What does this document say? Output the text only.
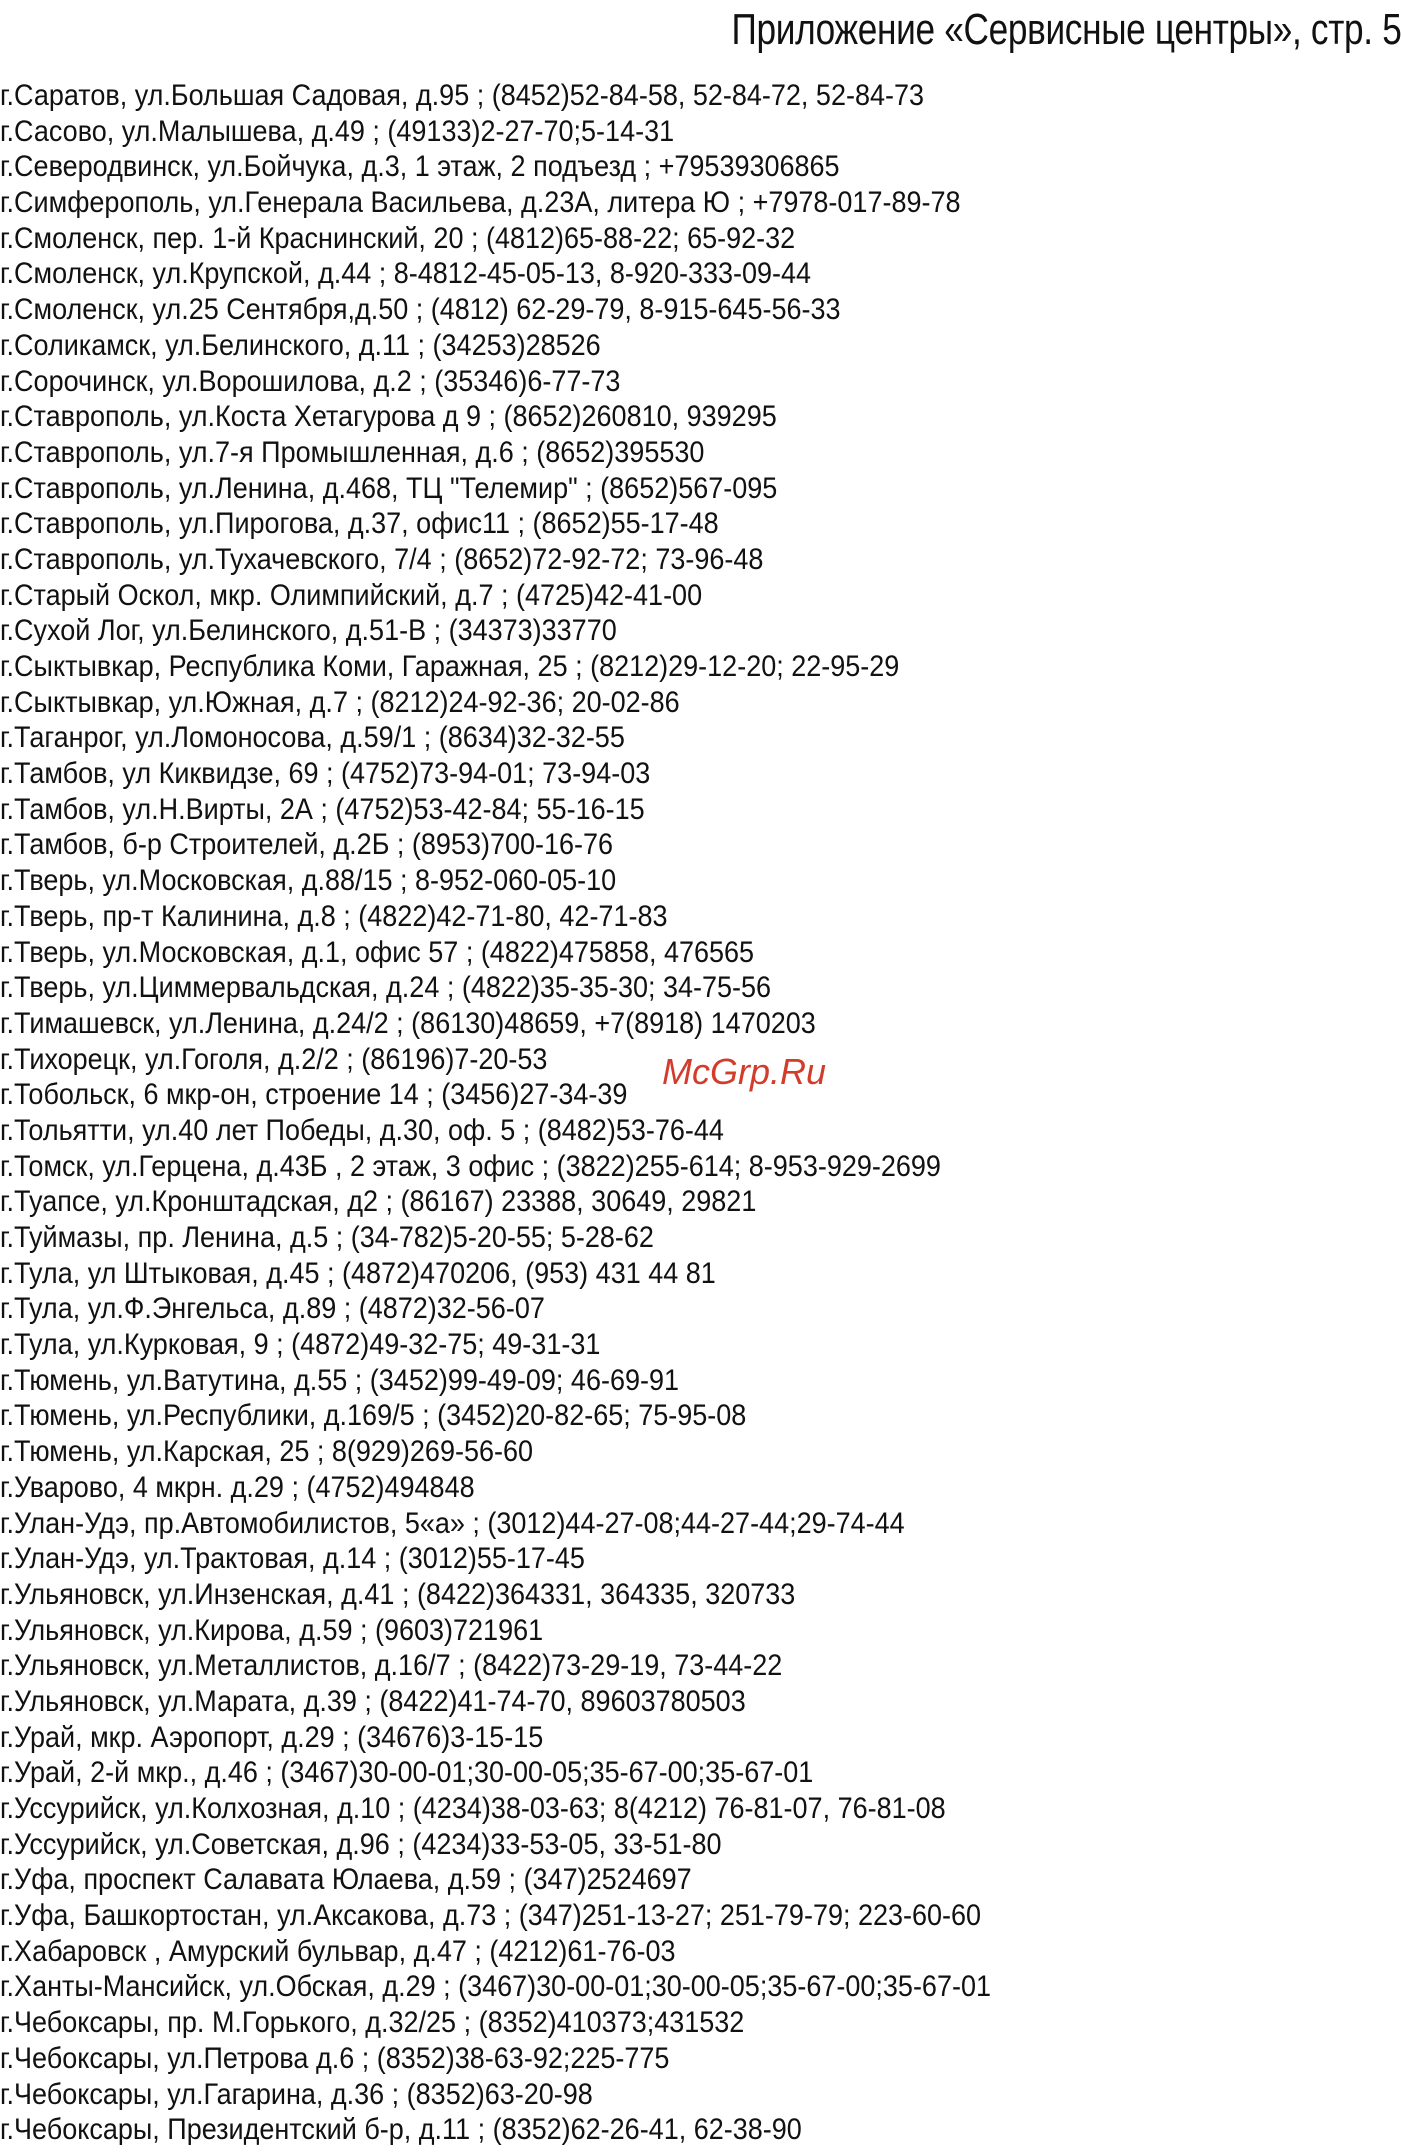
Приложение «Сервисные центры», стр. 5
г.Саратов, ул.Большая Садовая, д.95 ; (8452)52-84-58, 52-84-72, 52-84-73
г.Сасово, ул.Малышева, д.49 ; (49133)2-27-70;5-14-31
г.Северодвинск, ул.Бойчука, д.3, 1 этаж, 2 подъезд ; +79539306865
г.Симферополь, ул.Генерала Васильева, д.23А, литера Ю ; +7978-017-89-78
г.Смоленск, пер. 1-й Краснинский, 20 ; (4812)65-88-22; 65-92-32
г.Смоленск, ул.Крупской, д.44 ; 8-4812-45-05-13, 8-920-333-09-44
г.Смоленск, ул.25 Сентября,д.50 ; (4812) 62-29-79, 8-915-645-56-33
г.Соликамск, ул.Белинского, д.11 ; (34253)28526
г.Сорочинск, ул.Ворошилова, д.2 ; (35346)6-77-73
г.Ставрополь, ул.Коста Хетагурова д 9 ; (8652)260810, 939295
г.Ставрополь, ул.7-я Промышленная, д.6 ; (8652)395530
г.Ставрополь, ул.Ленина, д.468, ТЦ "Телемир" ; (8652)567-095
г.Ставрополь, ул.Пирогова, д.37, офис11 ; (8652)55-17-48
г.Ставрополь, ул.Тухачевского, 7/4 ; (8652)72-92-72; 73-96-48
г.Старый Оскол, мкр. Олимпийский, д.7 ; (4725)42-41-00
г.Сухой Лог, ул.Белинского, д.51-В ; (34373)33770
г.Сыктывкар, Республика Коми, Гаражная, 25 ; (8212)29-12-20; 22-95-29
г.Сыктывкар, ул.Южная, д.7 ; (8212)24-92-36; 20-02-86
г.Таганрог, ул.Ломоносова, д.59/1 ; (8634)32-32-55
г.Тамбов, ул Киквидзе, 69 ; (4752)73-94-01; 73-94-03
г.Тамбов, ул.Н.Вирты, 2А ; (4752)53-42-84; 55-16-15
г.Тамбов, б-р Строителей, д.2Б ; (8953)700-16-76
г.Тверь, ул.Московская, д.88/15 ; 8-952-060-05-10
г.Тверь, пр-т Калинина, д.8 ; (4822)42-71-80, 42-71-83
г.Тверь, ул.Московская, д.1, офис 57 ; (4822)475858, 476565
г.Тверь, ул.Циммервальдская, д.24 ; (4822)35-35-30; 34-75-56
г.Тимашевск, ул.Ленина, д.24/2 ; (86130)48659, +7(8918) 1470203
г.Тихорецк, ул.Гоголя, д.2/2 ; (86196)7-20-53
г.Тобольск, 6 мкр-он, строение 14 ; (3456)27-34-39
г.Тольятти, ул.40 лет Победы, д.30, оф. 5 ; (8482)53-76-44
г.Томск, ул.Герцена, д.43Б , 2 этаж, 3 офис ; (3822)255-614; 8-953-929-2699
г.Туапсе, ул.Кронштадская, д2 ; (86167) 23388, 30649, 29821
г.Туймазы, пр. Ленина, д.5 ; (34-782)5-20-55; 5-28-62
г.Тула, ул Штыковая, д.45 ; (4872)470206, (953) 431 44 81
г.Тула, ул.Ф.Энгельса, д.89 ; (4872)32-56-07
г.Тула, ул.Курковая, 9 ; (4872)49-32-75; 49-31-31
г.Тюмень, ул.Ватутина, д.55 ; (3452)99-49-09; 46-69-91
г.Тюмень, ул.Республики, д.169/5 ; (3452)20-82-65; 75-95-08
г.Тюмень, ул.Карская, 25 ; 8(929)269-56-60
г.Уварово, 4 мкрн. д.29 ; (4752)494848
г.Улан-Удэ, пр.Автомобилистов, 5«а» ; (3012)44-27-08;44-27-44;29-74-44
г.Улан-Удэ, ул.Трактовая, д.14 ; (3012)55-17-45
г.Ульяновск, ул.Инзенская, д.41 ; (8422)364331, 364335, 320733
г.Ульяновск, ул.Кирова, д.59 ; (9603)721961
г.Ульяновск, ул.Металлистов, д.16/7 ; (8422)73-29-19, 73-44-22
г.Ульяновск, ул.Марата, д.39 ; (8422)41-74-70, 89603780503
г.Урай, мкр. Аэропорт, д.29 ; (34676)3-15-15
г.Урай, 2-й мкр., д.46 ; (3467)30-00-01;30-00-05;35-67-00;35-67-01
г.Уссурийск, ул.Колхозная, д.10 ; (4234)38-03-63; 8(4212) 76-81-07, 76-81-08
г.Уссурийск, ул.Советская, д.96 ; (4234)33-53-05, 33-51-80
г.Уфа, проспект Салавата Юлаева, д.59 ; (347)2524697
г.Уфа, Башкортостан, ул.Аксакова, д.73 ; (347)251-13-27; 251-79-79; 223-60-60
г.Хабаровск , Амурский бульвар, д.47 ; (4212)61-76-03
г.Ханты-Мансийск, ул.Обская, д.29 ; (3467)30-00-01;30-00-05;35-67-00;35-67-01
г.Чебоксары, пр. М.Горького, д.32/25 ; (8352)410373;431532
г.Чебоксары, ул.Петрова д.6 ; (8352)38-63-92;225-775
г.Чебоксары, ул.Гагарина, д.36 ; (8352)63-20-98
г.Чебоксары, Президентский б-р, д.11 ; (8352)62-26-41, 62-38-90
McGrp.Ru
